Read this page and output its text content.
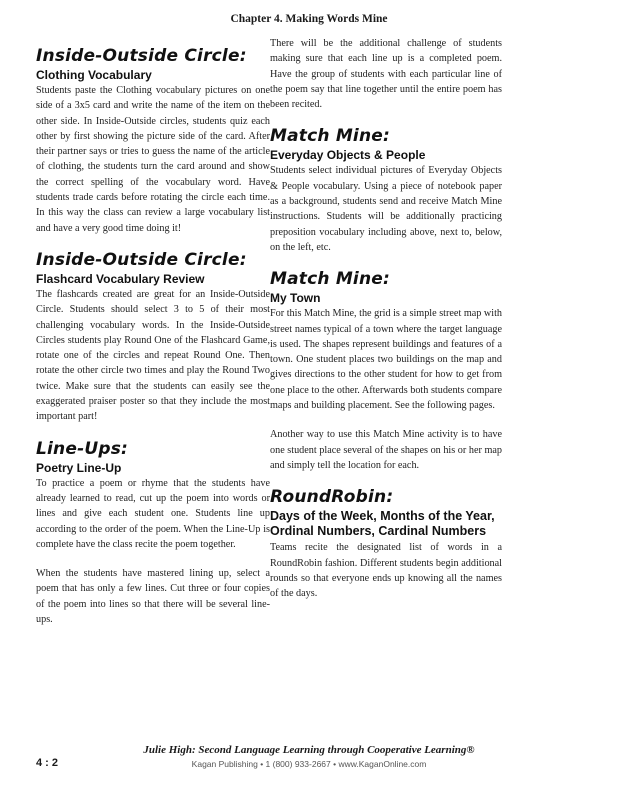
Chapter 4. Making Words Mine
Inside-Outside Circle:
Clothing Vocabulary

Students paste the Clothing vocabulary pictures on one side of a 3x5 card and write the name of the item on the other side. In Inside-Outside circles, students quiz each other by first showing the picture side of the card. After their partner says or tries to guess the name of the article of clothing, the students turn the card around and show the correct spelling of the vocabulary word. Have students trade cards before rotating the circle each time. In this way the class can review a large vocabulary list and have a very good time doing it!

Inside-Outside Circle:
Flashcard Vocabulary Review

The flashcards created are great for an Inside-Outside Circle. Students should select 3 to 5 of their most challenging vocabulary words. In the Inside-Outside Circles students play Round One of the Flashcard Game, rotate one of the circles and repeat Round One. Then rotate the other circle two times and play the Round Two twice. Make sure that the students can easily see the exaggerated praiser poster so that they include the most important part!

Line-Ups:
Poetry Line-Up

To practice a poem or rhyme that the students have already learned to read, cut up the poem into words or lines and give each student one. Students line up according to the order of the poem. When the Line-Up is complete have the class recite the poem together.

When the students have mastered lining up, select a poem that has only a few lines. Cut three or four copies of the poem into lines so that there will be several line-ups.

There will be the additional challenge of students making sure that each line up is a completed poem. Have the group of students with each particular line of the poem say that line together until the entire poem has been recited.

Match Mine:
Everyday Objects & People

Students select individual pictures of Everyday Objects & People vocabulary. Using a piece of notebook paper as a background, students send and receive Match Mine instructions. Students will be additionally practicing preposition vocabulary including above, next to, below, on the left, etc.

Match Mine:
My Town

For this Match Mine, the grid is a simple street map with street names typical of a town where the target language is used. The shapes represent buildings and features of a town. One student places two buildings on the map and gives directions to the other student for how to get from one place to the other. Afterwards both students compare maps and building placement. See the following pages.

Another way to use this Match Mine activity is to have one student place several of the shapes on his or her map and simply tell the location for each.

RoundRobin:
Days of the Week, Months of the Year, Ordinal Numbers, Cardinal Numbers

Teams recite the designated list of words in a RoundRobin fashion. Different students begin additional rounds so that everyone ends up knowing all the names of the days.

Julie High: Second Language Learning through Cooperative Learning®
4 : 2	Kagan Publishing • 1 (800) 933-2667 • www.KaganOnline.com
